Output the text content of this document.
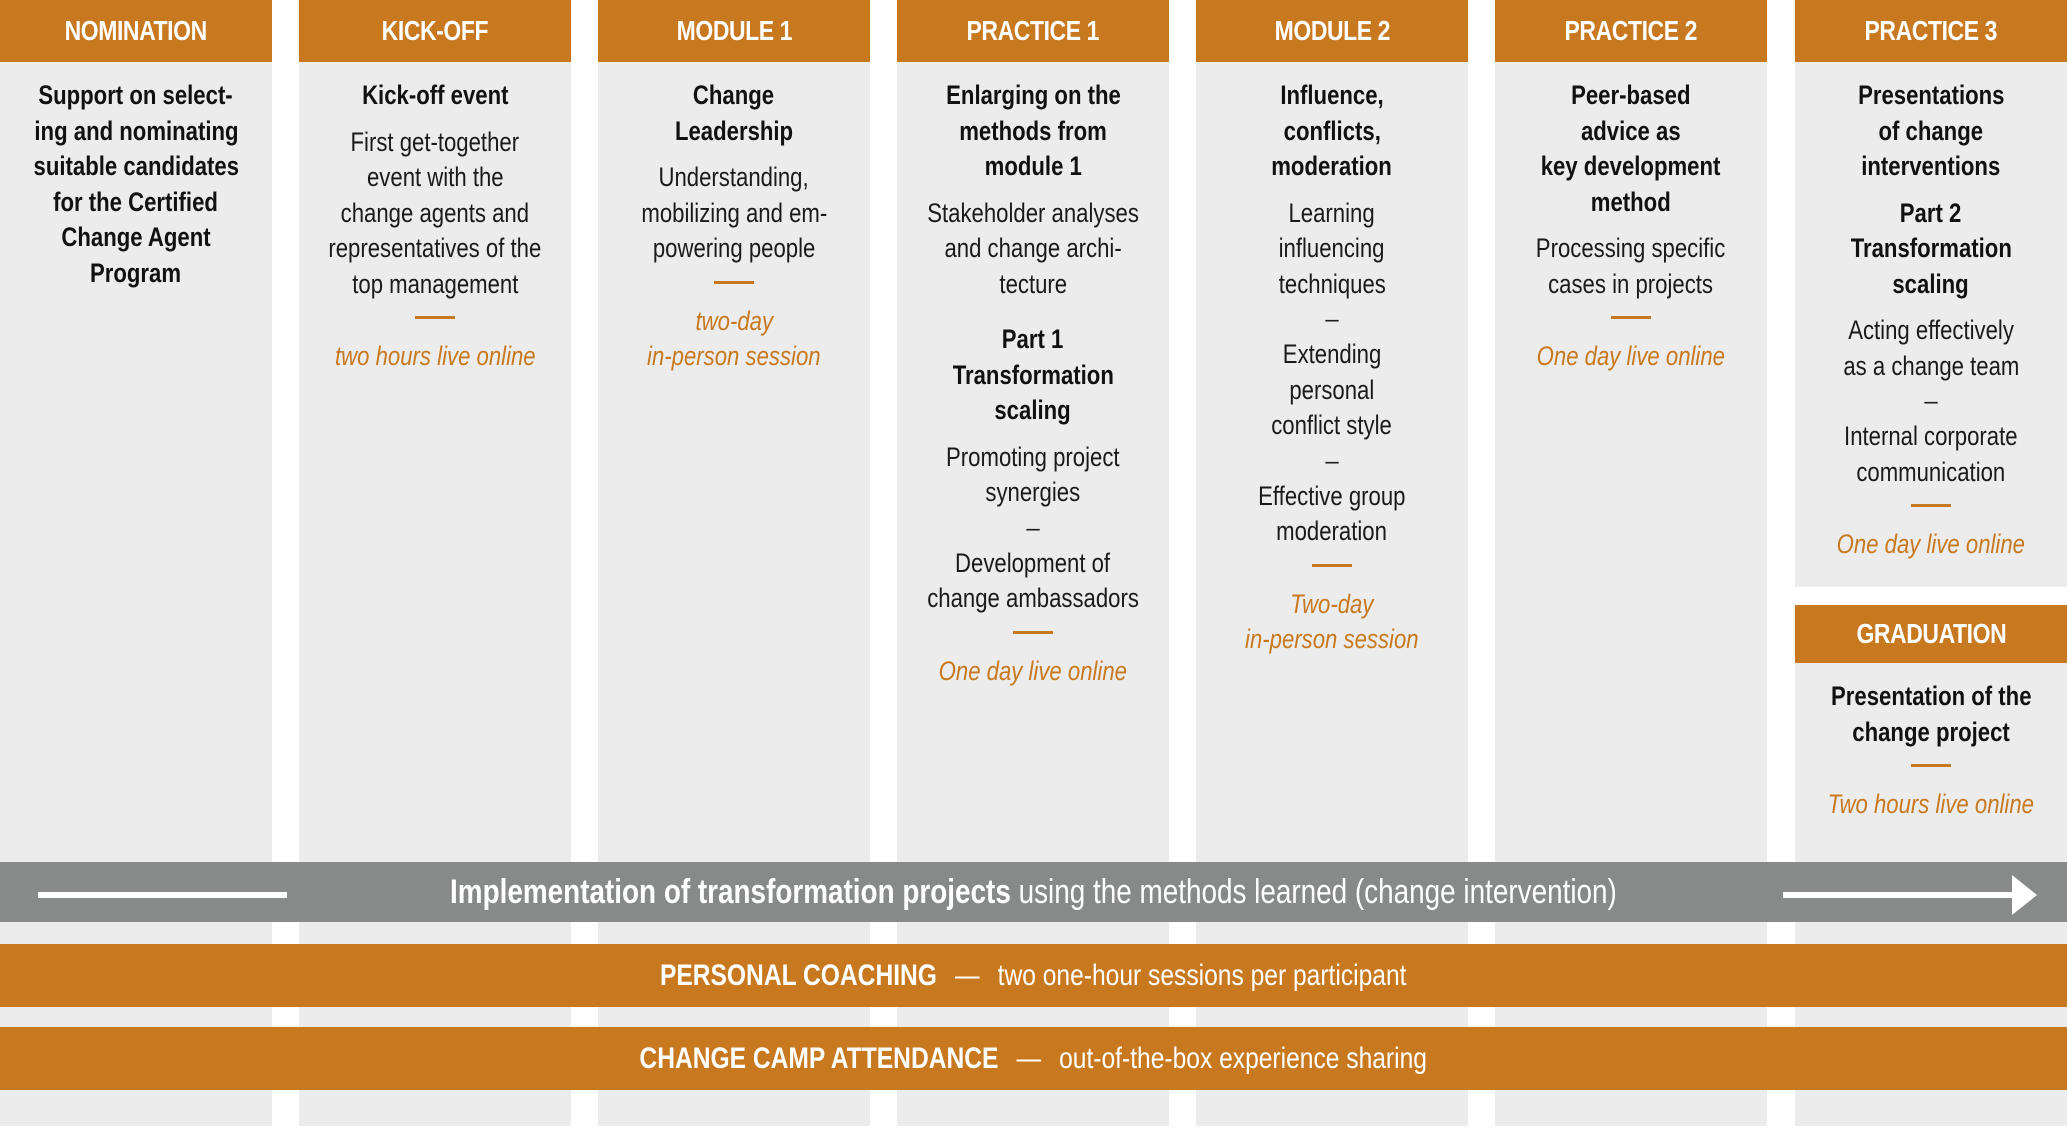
NOMINATION
Support on select-
ing and nominating
suitable candidates
for the Certified
Change Agent
Program
KICK-OFF
Kick-off event
First get-together
event with the
change agents and
representatives of the
top management
two hours live online
MODULE 1
Change
Leadership
Understanding,
mobilizing and em-
powering people
two-day
in-person session
PRACTICE 1
Enlarging on the
methods from
module 1
Stakeholder analyses
and change archi-
tecture
Part 1
Transformation
scaling
Promoting project
synergies
–
Development of
change ambassadors
One day live online
MODULE 2
Influence,
conflicts,
moderation
Learning
influencing
techniques
–
Extending
personal
conflict style
–
Effective group
moderation
Two-day
in-person session
PRACTICE 2
Peer-based
advice as
key development
method
Processing specific
cases in projects
One day live online
PRACTICE 3
Presentations
of change
interventions
Part 2
Transformation
scaling
Acting effectively
as a change team
–
Internal corporate
communication
One day live online
GRADUATION
Presentation of the
change project
Two hours live online
Implementation of transformation projects using the methods learned (change intervention)
PERSONAL COACHING — two one-hour sessions per participant
CHANGE CAMP ATTENDANCE — out-of-the-box experience sharing
